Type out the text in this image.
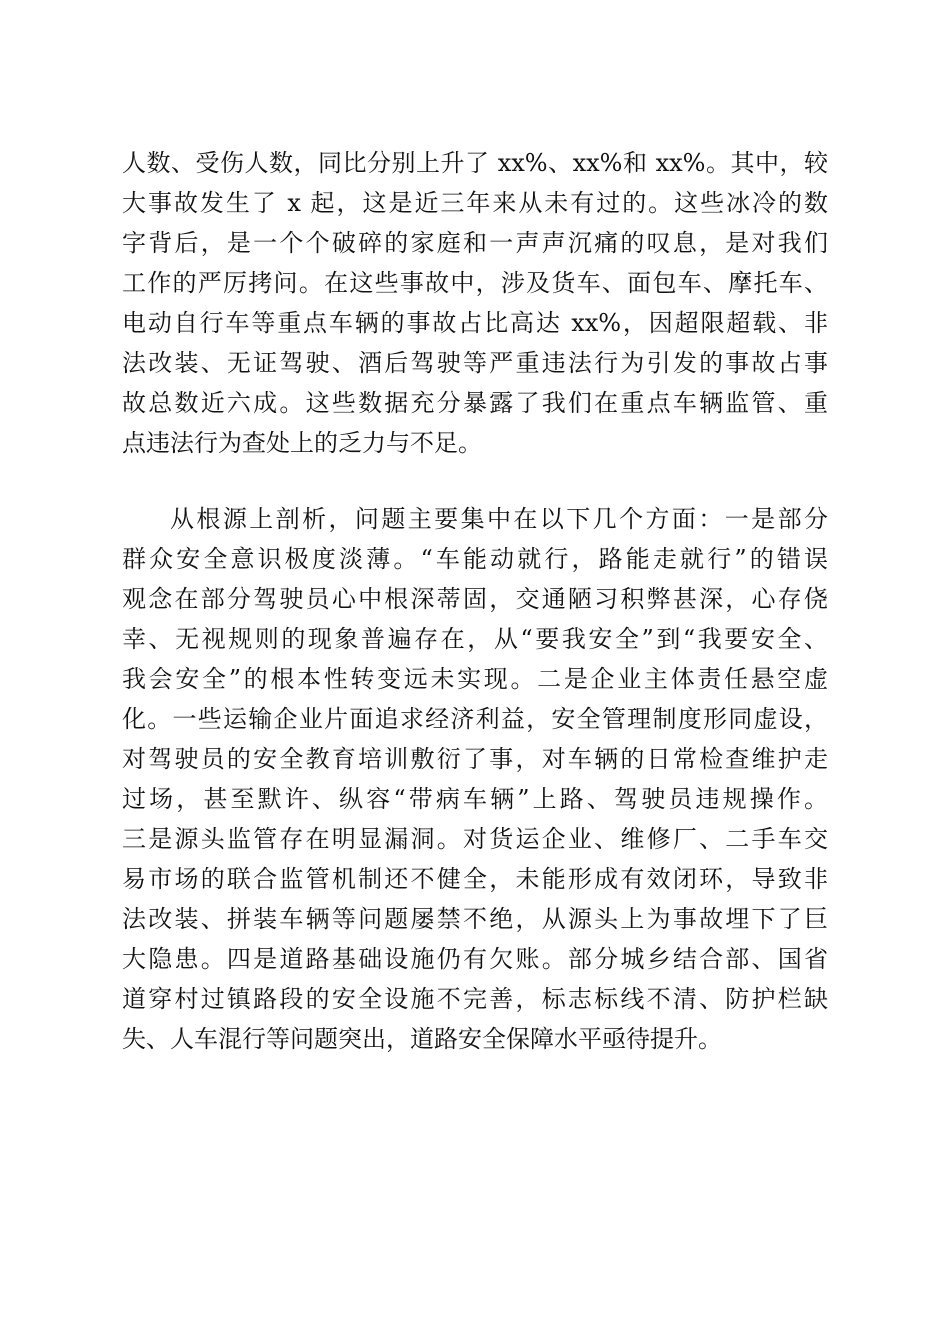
人数、受伤人数，同比分别上升了 xx%、xx%和 xx%。其中，较
大事故发生了 x 起，这是近三年来从未有过的。这些冰冷的数
字背后，是一个个破碎的家庭和一声声沉痛的叹息，是对我们
工作的严厉拷问。在这些事故中，涉及货车、面包车、摩托车、
电动自行车等重点车辆的事故占比高达 xx%，因超限超载、非
法改装、无证驾驶、酒后驾驶等严重违法行为引发的事故占事
故总数近六成。这些数据充分暴露了我们在重点车辆监管、重
点违法行为查处上的乏力与不足。
从根源上剖析，问题主要集中在以下几个方面：一是部分
群众安全意识极度淡薄。“车能动就行，路能走就行”的错误
观念在部分驾驶员心中根深蒂固，交通陋习积弊甚深，心存侥
幸、无视规则的现象普遍存在，从“要我安全”到“我要安全、
我会安全”的根本性转变远未实现。二是企业主体责任悬空虚
化。一些运输企业片面追求经济利益，安全管理制度形同虚设，
对驾驶员的安全教育培训敷衍了事，对车辆的日常检查维护走
过场，甚至默许、纵容“带病车辆”上路、驾驶员违规操作。
三是源头监管存在明显漏洞。对货运企业、维修厂、二手车交
易市场的联合监管机制还不健全，未能形成有效闭环，导致非
法改装、拼装车辆等问题屡禁不绝，从源头上为事故埋下了巨
大隐患。四是道路基础设施仍有欠账。部分城乡结合部、国省
道穿村过镇路段的安全设施不完善，标志标线不清、防护栏缺
失、人车混行等问题突出，道路安全保障水平亟待提升。
